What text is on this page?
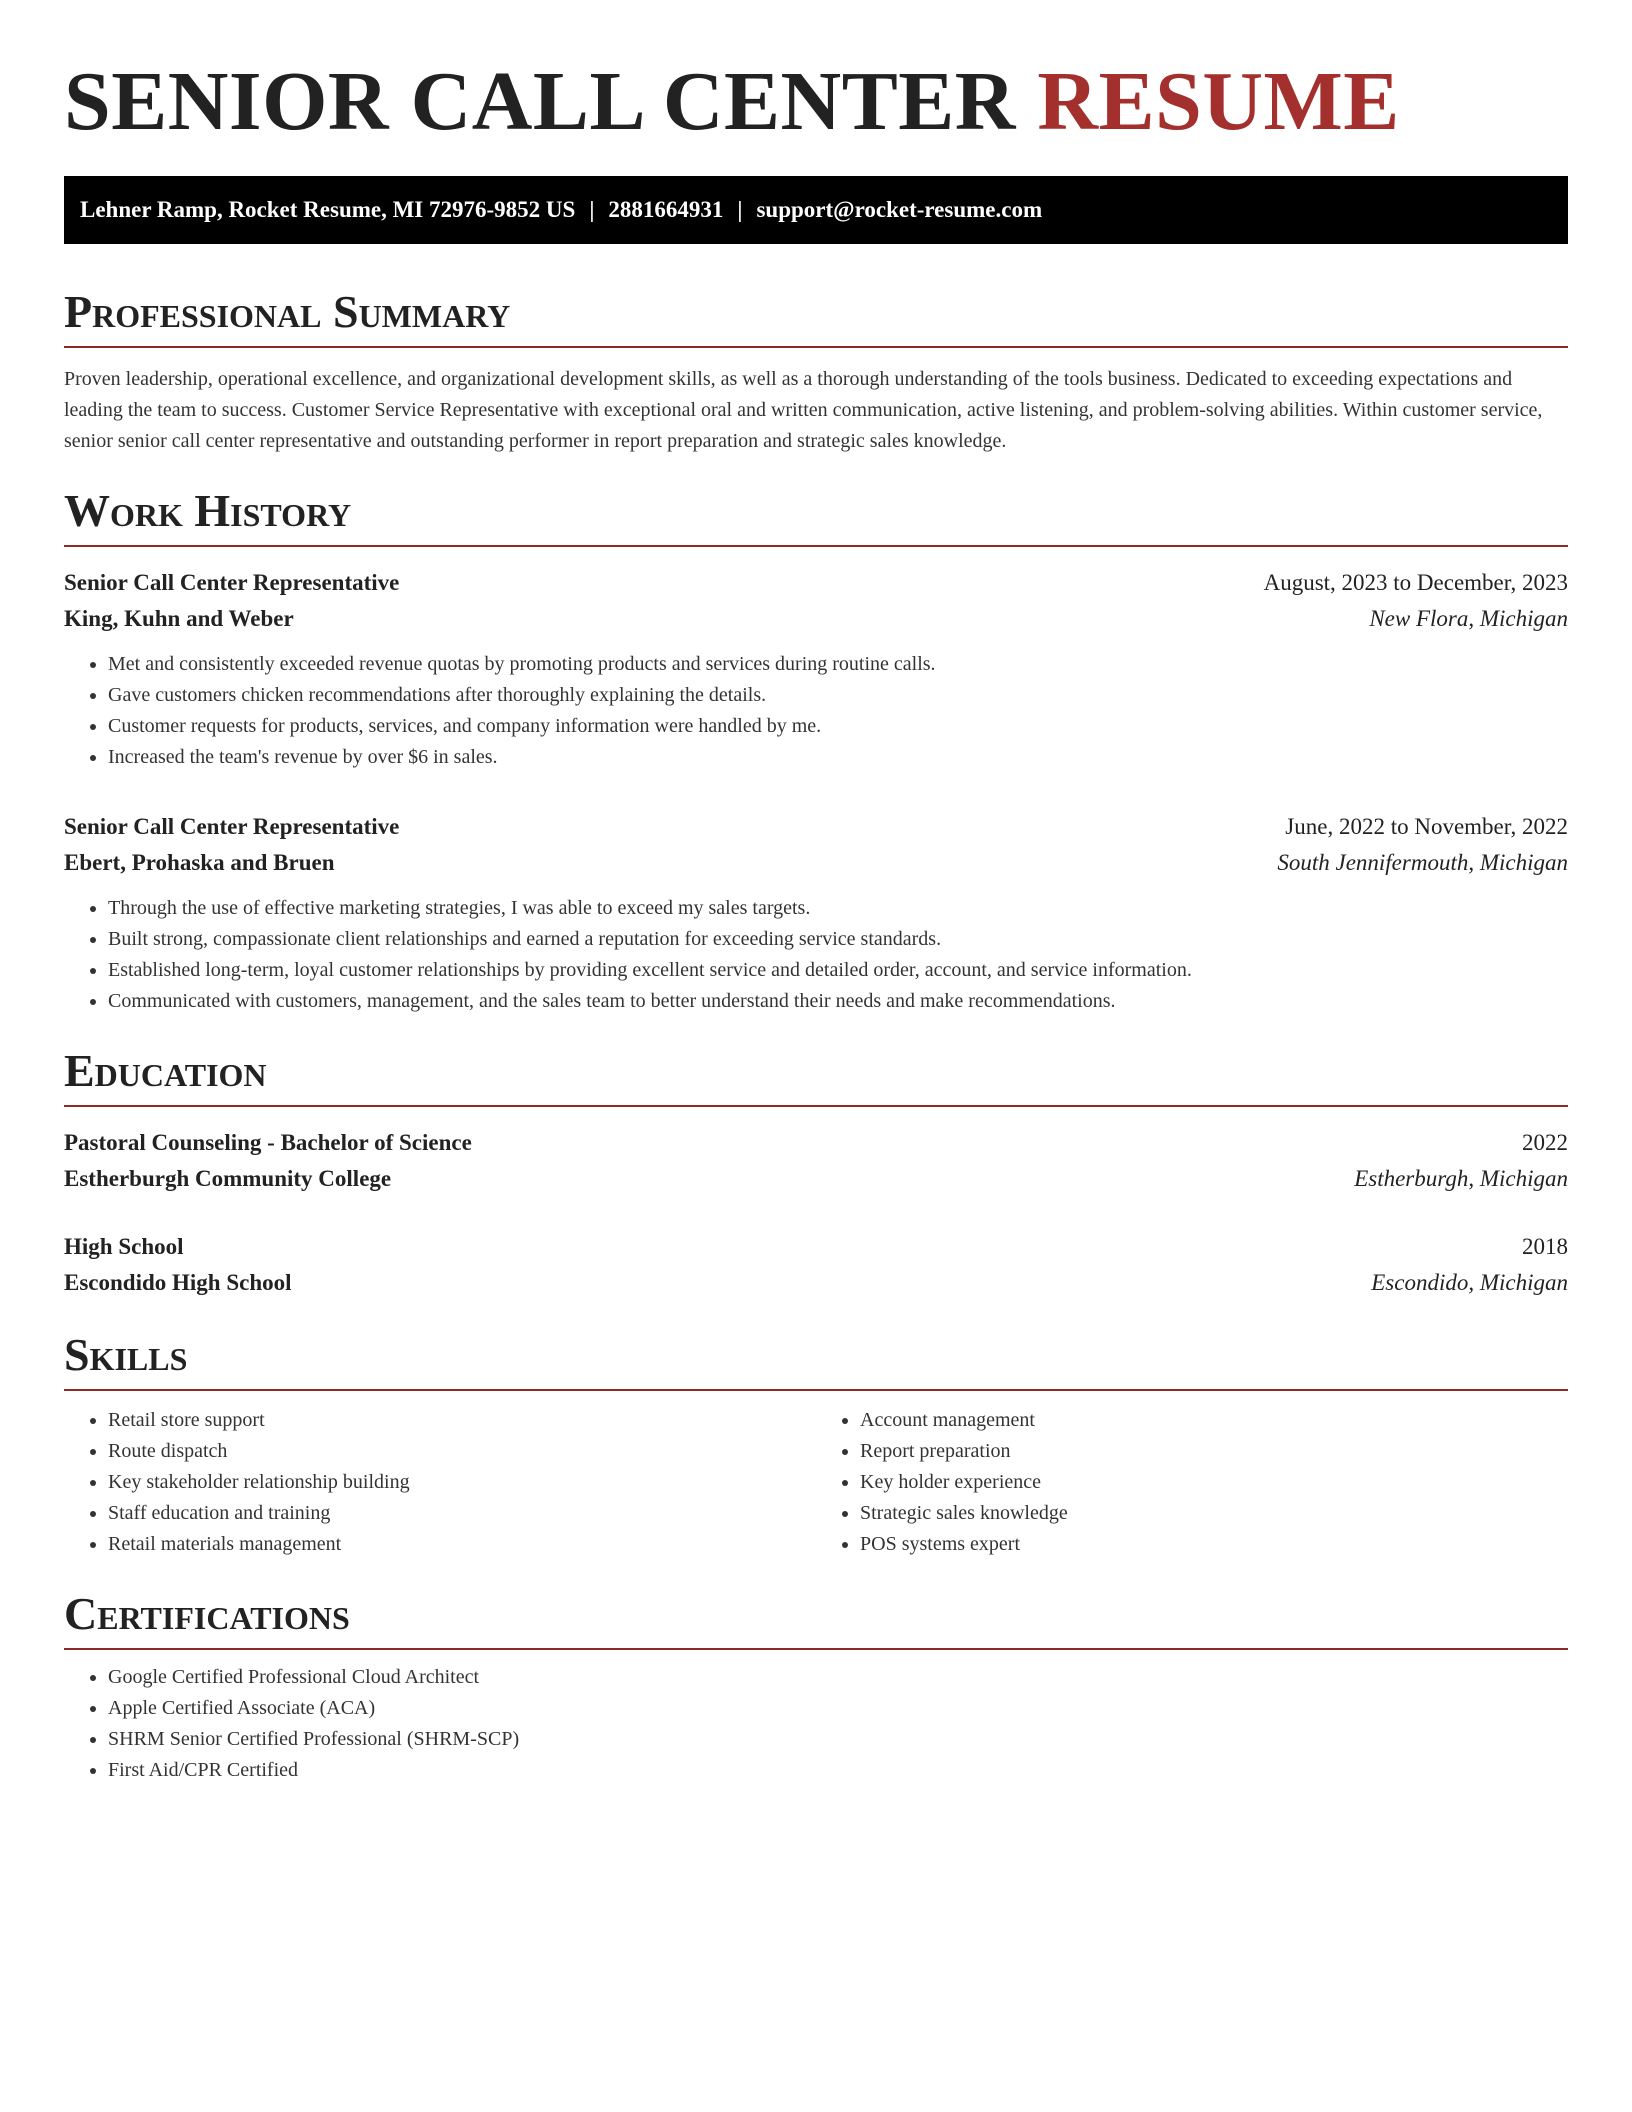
SENIOR CALL CENTER RESUME
Lehner Ramp, Rocket Resume, MI 72976-9852 US | 2881664931 | support@rocket-resume.com
Professional Summary

Proven leadership, operational excellence, and organizational development skills, as well as a thorough understanding of the tools business. Dedicated to exceeding expectations and leading the team to success. Customer Service Representative with exceptional oral and written communication, active listening, and problem-solving abilities. Within customer service, senior senior call center representative and outstanding performer in report preparation and strategic sales knowledge.

Work History
Senior Call Center Representative	August, 2023 to December, 2023
King, Kuhn and Weber	New Flora, Michigan
• Met and consistently exceeded revenue quotas by promoting products and services during routine calls.
• Gave customers chicken recommendations after thoroughly explaining the details.
• Customer requests for products, services, and company information were handled by me.
• Increased the team's revenue by over $6 in sales.
Senior Call Center Representative	June, 2022 to November, 2022
Ebert, Prohaska and Bruen	South Jennifermouth, Michigan
• Through the use of effective marketing strategies, I was able to exceed my sales targets.
• Built strong, compassionate client relationships and earned a reputation for exceeding service standards.
• Established long-term, loyal customer relationships by providing excellent service and detailed order, account, and service information.
• Communicated with customers, management, and the sales team to better understand their needs and make recommendations.
Education
Pastoral Counseling - Bachelor of Science	2022
Estherburgh Community College	Estherburgh, Michigan
High School	2018
Escondido High School	Escondido, Michigan
Skills
• Retail store support
• Route dispatch
• Key stakeholder relationship building
• Staff education and training
• Retail materials management
• Account management
• Report preparation
• Key holder experience
• Strategic sales knowledge
• POS systems expert
Certifications
• Google Certified Professional Cloud Architect
• Apple Certified Associate (ACA)
• SHRM Senior Certified Professional (SHRM-SCP)
• First Aid/CPR Certified
